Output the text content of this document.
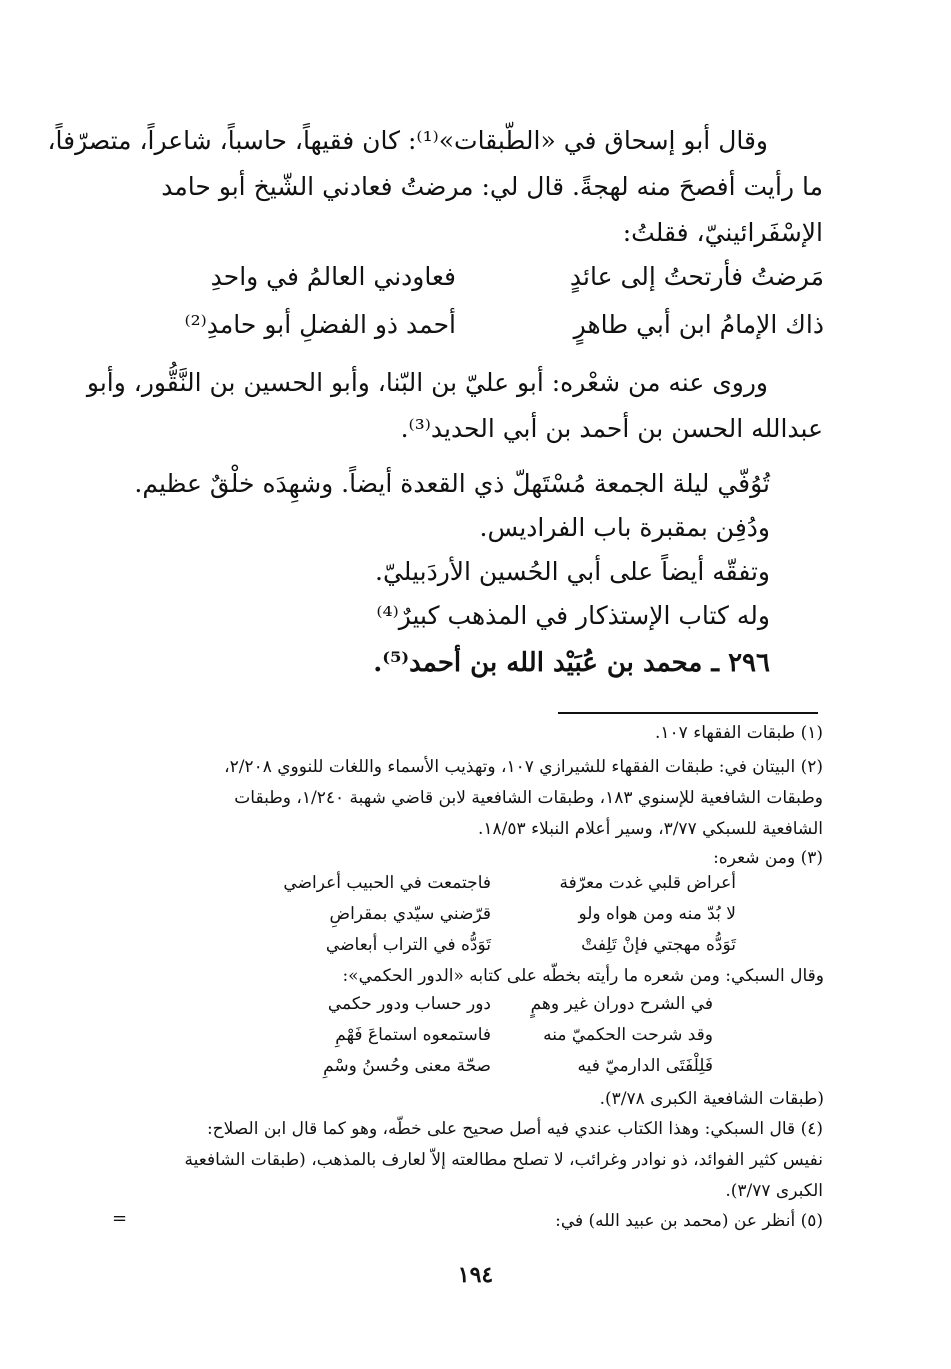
وقال أبو إسحاق في «الطّبقات»⁽¹⁾: كان فقيهاً، حاسباً، شاعراً، متصرّفاً،
ما رأيت أفصحَ منه لهجةً. قال لي: مرضتُ فعادني الشّيخ أبو حامد
الإسْفَرائينيّ، فقلتُ:
مَرضتُ فأرتحتُ إلى عائدٍ
فعاودني العالمُ في واحدِ
ذاك الإمامُ ابن أبي طاهرٍ
أحمد ذو الفضلِ أبو حامدِ⁽²⁾
وروى عنه من شعْره: أبو عليّ بن البّنا، وأبو الحسين بن النَّقُّور، وأبو
عبدالله الحسن بن أحمد بن أبي الحديد⁽³⁾.
تُوُفّي ليلة الجمعة مُسْتَهلّ ذي القعدة أيضاً. وشهِدَه خلْقٌ عظيم.
ودُفِن بمقبرة باب الفراديس.
وتفقّه أيضاً على أبي الحُسين الأردَبيليّ.
وله كتاب الإستذكار في المذهب كبيرٌ⁽⁴⁾
٢٩٦ ـ محمد بن عُبَيْد الله بن أحمد⁽⁵⁾.
(١) طبقات الفقهاء ١٠٧.
(٢) البيتان في: طبقات الفقهاء للشيرازي ١٠٧، وتهذيب الأسماء واللغات للنووي ٢/٢٠٨،
وطبقات الشافعية للإسنوي ١٨٣، وطبقات الشافعية لابن قاضي شهبة ١/٢٤٠، وطبقات
الشافعية للسبكي ٣/٧٧، وسير أعلام النبلاء ١٨/٥٣.
(٣) ومن شعره:
أعراض قلبي غدت معرّفة
فاجتمعت في الحبيب أعراضي
لا بُدّ منه ومن هواه ولو
قرّضني سيّدي بمقراضِ
تَوَدُّه مهجتي فإنْ تَلِفتْ
تَوَدُّه في التراب أبعاضي
وقال السبكي: ومن شعره ما رأيته بخطّه على كتابه «الدور الحكمي»:
في الشرح دوران غير وهمٍ
دور حساب ودور حكمي
وقد شرحت الحكميّ منه
فاستمعوه استماعَ فَهْمِ
فَلِلْفَتَى الدارميّ فيه
صحّة معنى وحُسنُ وسْمِ
(طبقات الشافعية الكبرى ٣/٧٨).
(٤) قال السبكي: وهذا الكتاب عندي فيه أصل صحيح على خطّه، وهو كما قال ابن الصلاح:
نفيس كثير الفوائد، ذو نوادر وغرائب، لا تصلح مطالعته إلاّ لعارف بالمذهب، (طبقات الشافعية
الكبرى ٣/٧٧).
(٥) أنظر عن (محمد بن عبيد الله) في:
=
١٩٤
